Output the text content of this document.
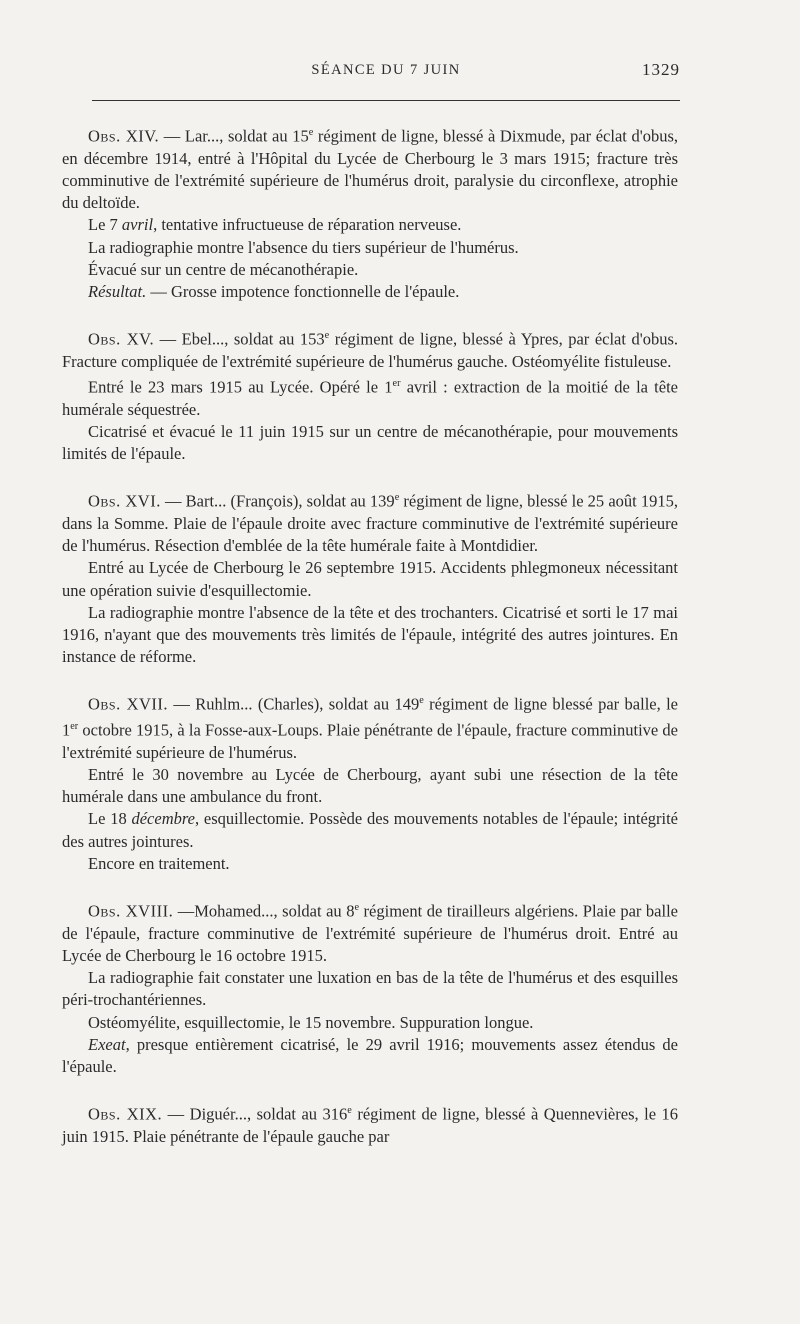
SÉANCE DU 7 JUIN	1329

Obs. XIV. — Lar..., soldat au 15e régiment de ligne, blessé à Dixmude, par éclat d'obus, en décembre 1914, entré à l'Hôpital du Lycée de Cherbourg le 3 mars 1915; fracture très comminutive de l'extrémité supérieure de l'humérus droit, paralysie du circonflexe, atrophie du deltoïde.

Le 7 avril, tentative infructueuse de réparation nerveuse.

La radiographie montre l'absence du tiers supérieur de l'humérus.

Évacué sur un centre de mécanothérapie.

Résultat. — Grosse impotence fonctionnelle de l'épaule.

Obs. XV. — Ebel..., soldat au 153e régiment de ligne, blessé à Ypres, par éclat d'obus. Fracture compliquée de l'extrémité supérieure de l'humérus gauche. Ostéomyélite fistuleuse.

Entré le 23 mars 1915 au Lycée. Opéré le 1er avril : extraction de la moitié de la tête humérale séquestrée.

Cicatrisé et évacué le 11 juin 1915 sur un centre de mécanothérapie, pour mouvements limités de l'épaule.

Obs. XVI. — Bart... (François), soldat au 139e régiment de ligne, blessé le 25 août 1915, dans la Somme. Plaie de l'épaule droite avec fracture comminutive de l'extrémité supérieure de l'humérus. Résection d'emblée de la tête humérale faite à Montdidier.

Entré au Lycée de Cherbourg le 26 septembre 1915. Accidents phlegmoneux nécessitant une opération suivie d'esquillectomie.

La radiographie montre l'absence de la tête et des trochanters. Cicatrisé et sorti le 17 mai 1916, n'ayant que des mouvements très limités de l'épaule, intégrité des autres jointures. En instance de réforme.

Obs. XVII. — Ruhlm... (Charles), soldat au 149e régiment de ligne blessé par balle, le 1er octobre 1915, à la Fosse-aux-Loups. Plaie pénétrante de l'épaule, fracture comminutive de l'extrémité supérieure de l'humérus.

Entré le 30 novembre au Lycée de Cherbourg, ayant subi une résection de la tête humérale dans une ambulance du front.

Le 18 décembre, esquillectomie. Possède des mouvements notables de l'épaule; intégrité des autres jointures.

Encore en traitement.

Obs. XVIII. —Mohamed..., soldat au 8e régiment de tirailleurs algériens. Plaie par balle de l'épaule, fracture comminutive de l'extrémité supérieure de l'humérus droit. Entré au Lycée de Cherbourg le 16 octobre 1915.

La radiographie fait constater une luxation en bas de la tête de l'humérus et des esquilles péri-trochantériennes.

Ostéomyélite, esquillectomie, le 15 novembre. Suppuration longue.

Exeat, presque entièrement cicatrisé, le 29 avril 1916; mouvements assez étendus de l'épaule.

Obs. XIX. — Diguér..., soldat au 316e régiment de ligne, blessé à Quennevières, le 16 juin 1915. Plaie pénétrante de l'épaule gauche par
